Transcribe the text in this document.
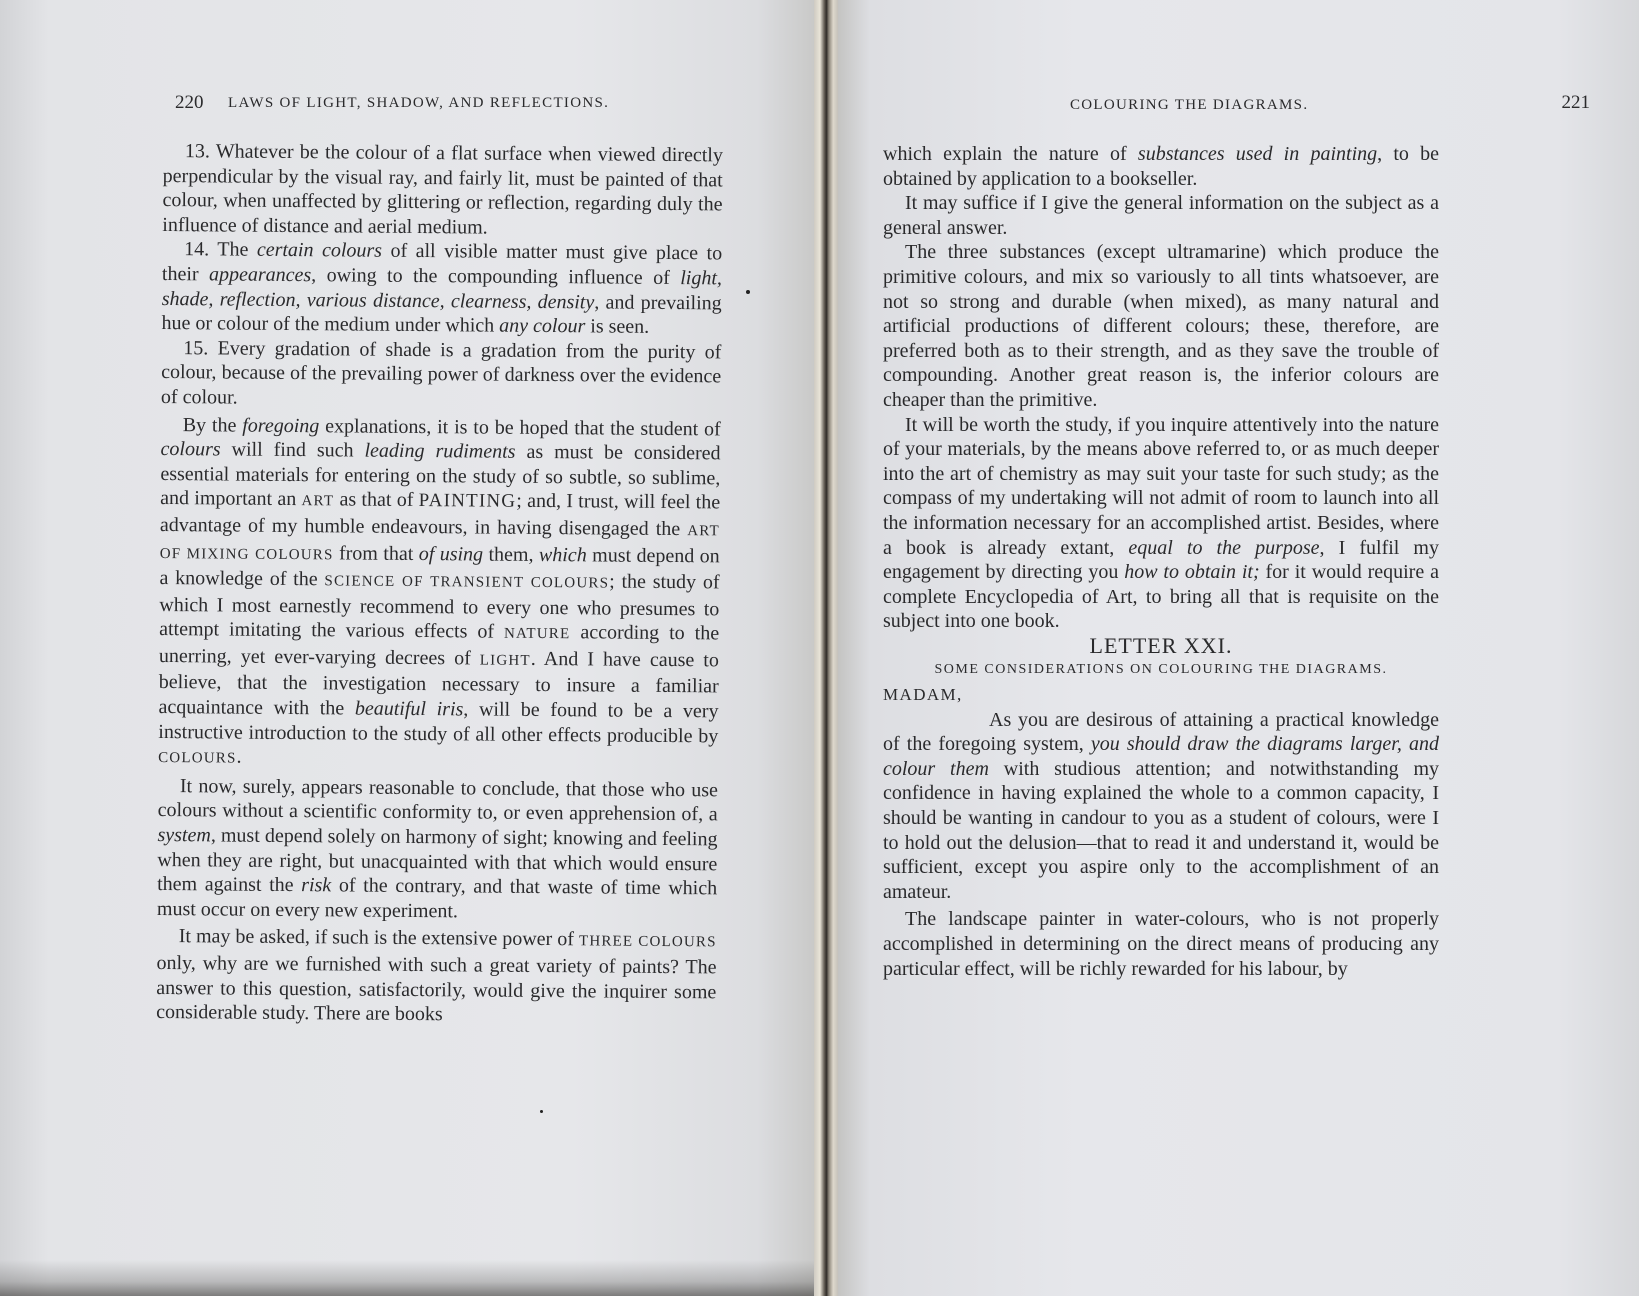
220 LAWS OF LIGHT, SHADOW, AND REFLECTIONS.

13. Whatever be the colour of a flat surface when viewed directly perpendicular by the visual ray, and fairly lit, must be painted of that colour, when unaffected by glittering or reflection, regarding duly the influence of distance and aerial medium.

14. The certain colours of all visible matter must give place to their appearances, owing to the compounding influence of light, shade, reflection, various distance, clearness, density, and prevailing hue or colour of the medium under which any colour is seen.

15. Every gradation of shade is a gradation from the purity of colour, because of the prevailing power of darkness over the evidence of colour.

By the foregoing explanations, it is to be hoped that the student of colours will find such leading rudiments as must be considered essential materials for entering on the study of so subtle, so sublime, and important an ART as that of PAINTING; and, I trust, will feel the advantage of my humble endeavours, in having disengaged the ART OF MIXING COLOURS from that of using them, which must depend on a knowledge of the SCIENCE OF TRANSIENT COLOURS; the study of which I most earnestly recommend to every one who presumes to attempt imitating the various effects of NATURE according to the unerring, yet ever-varying decrees of LIGHT. And I have cause to believe, that the investigation necessary to insure a familiar acquaintance with the beautiful iris, will be found to be a very instructive introduction to the study of all other effects producible by COLOURS.

It now, surely, appears reasonable to conclude, that those who use colours without a scientific conformity to, or even apprehension of, a system, must depend solely on harmony of sight; knowing and feeling when they are right, but unacquainted with that which would ensure them against the risk of the contrary, and that waste of time which must occur on every new experiment.

It may be asked, if such is the extensive power of THREE COLOURS only, why are we furnished with such a great variety of paints? The answer to this question, satisfactorily, would give the inquirer some considerable study. There are books

COLOURING THE DIAGRAMS.	221

which explain the nature of substances used in painting, to be obtained by application to a bookseller.

It may suffice if I give the general information on the subject as a general answer.

The three substances (except ultramarine) which produce the primitive colours, and mix so variously to all tints whatsoever, are not so strong and durable (when mixed), as many natural and artificial productions of different colours; these, therefore, are preferred both as to their strength, and as they save the trouble of compounding. Another great reason is, the inferior colours are cheaper than the primitive.

It will be worth the study, if you inquire attentively into the nature of your materials, by the means above referred to, or as much deeper into the art of chemistry as may suit your taste for such study; as the compass of my undertaking will not admit of room to launch into all the information necessary for an accomplished artist. Besides, where a book is already extant, equal to the purpose, I fulfil my engagement by directing you how to obtain it; for it would require a complete Encyclopedia of Art, to bring all that is requisite on the subject into one book.

LETTER XXI.

SOME CONSIDERATIONS ON COLOURING THE DIAGRAMS.

MADAM,

As you are desirous of attaining a practical knowledge of the foregoing system, you should draw the diagrams larger, and colour them with studious attention; and notwithstanding my confidence in having explained the whole to a common capacity, I should be wanting in candour to you as a student of colours, were I to hold out the delusion—that to read it and understand it, would be sufficient, except you aspire only to the accomplishment of an amateur.

The landscape painter in water-colours, who is not properly accomplished in determining on the direct means of producing any particular effect, will be richly rewarded for his labour, by
